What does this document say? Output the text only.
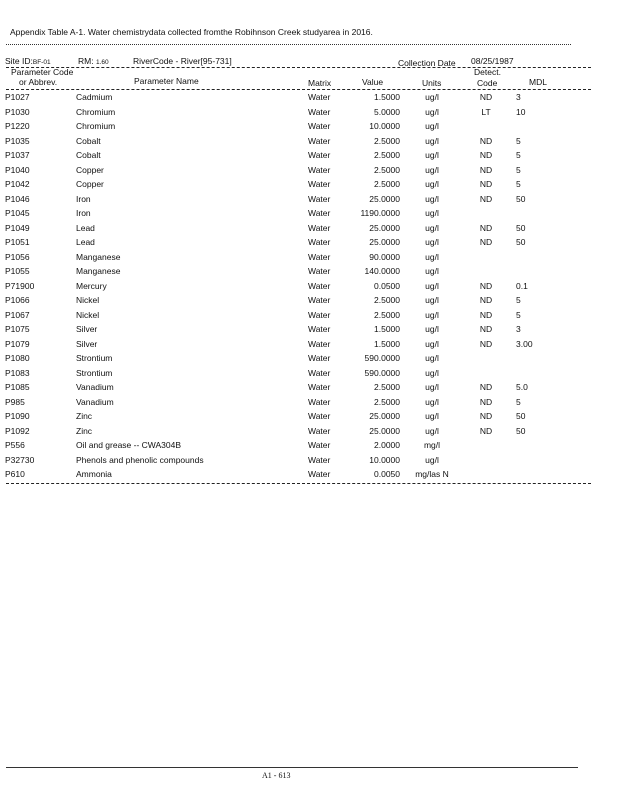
Appendix Table A-1. Water chemistrydata collected fromthe Robihnson Creek studyarea in 2016.
Site ID:BF-01	RM: 1.60	RiverCode - River[95-731]	Collection Date 08/25/1987
Parameter Code
or Abbrev.	Parameter Name	Matrix	Value	Units
Detect.
Code	MDL
P1027	Cadmium	Water	1.5000	ug/l	ND	3
P1030	Chromium	Water	5.0000	ug/l	LT	10
P1220	Chromium	Water	10.0000	ug/l
P1035	Cobalt	Water	2.5000	ug/l	ND	5
P1037	Cobalt	Water	2.5000	ug/l	ND	5
P1040	Copper	Water	2.5000	ug/l	ND	5
P1042	Copper	Water	2.5000	ug/l	ND	5
P1046	Iron	Water	25.0000	ug/l	ND	50
P1045	Iron	Water	1190.0000	ug/l
P1049	Lead	Water	25.0000	ug/l	ND	50
P1051	Lead	Water	25.0000	ug/l	ND	50
P1056	Manganese	Water	90.0000	ug/l
P1055	Manganese	Water	140.0000	ug/l
P71900	Mercury	Water	0.0500	ug/l	ND	0.1
P1066	Nickel	Water	2.5000	ug/l	ND	5
P1067	Nickel	Water	2.5000	ug/l	ND	5
P1075	Silver	Water	1.5000	ug/l	ND	3
P1079	Silver	Water	1.5000	ug/l	ND	3.00
P1080	Strontium	Water	590.0000	ug/l
P1083	Strontium	Water	590.0000	ug/l
P1085	Vanadium	Water	2.5000	ug/l	ND	5.0
P985	Vanadium	Water	2.5000	ug/l	ND	5
P1090	Zinc	Water	25.0000	ug/l	ND	50
P1092	Zinc	Water	25.0000	ug/l	ND	50
P556	Oil and grease -- CWA304B	Water	2.0000	mg/l
P32730	Phenols and phenolic compounds	Water	10.0000	ug/l
P610	Ammonia	Water	0.0050	mg/las N
A1 - 613
